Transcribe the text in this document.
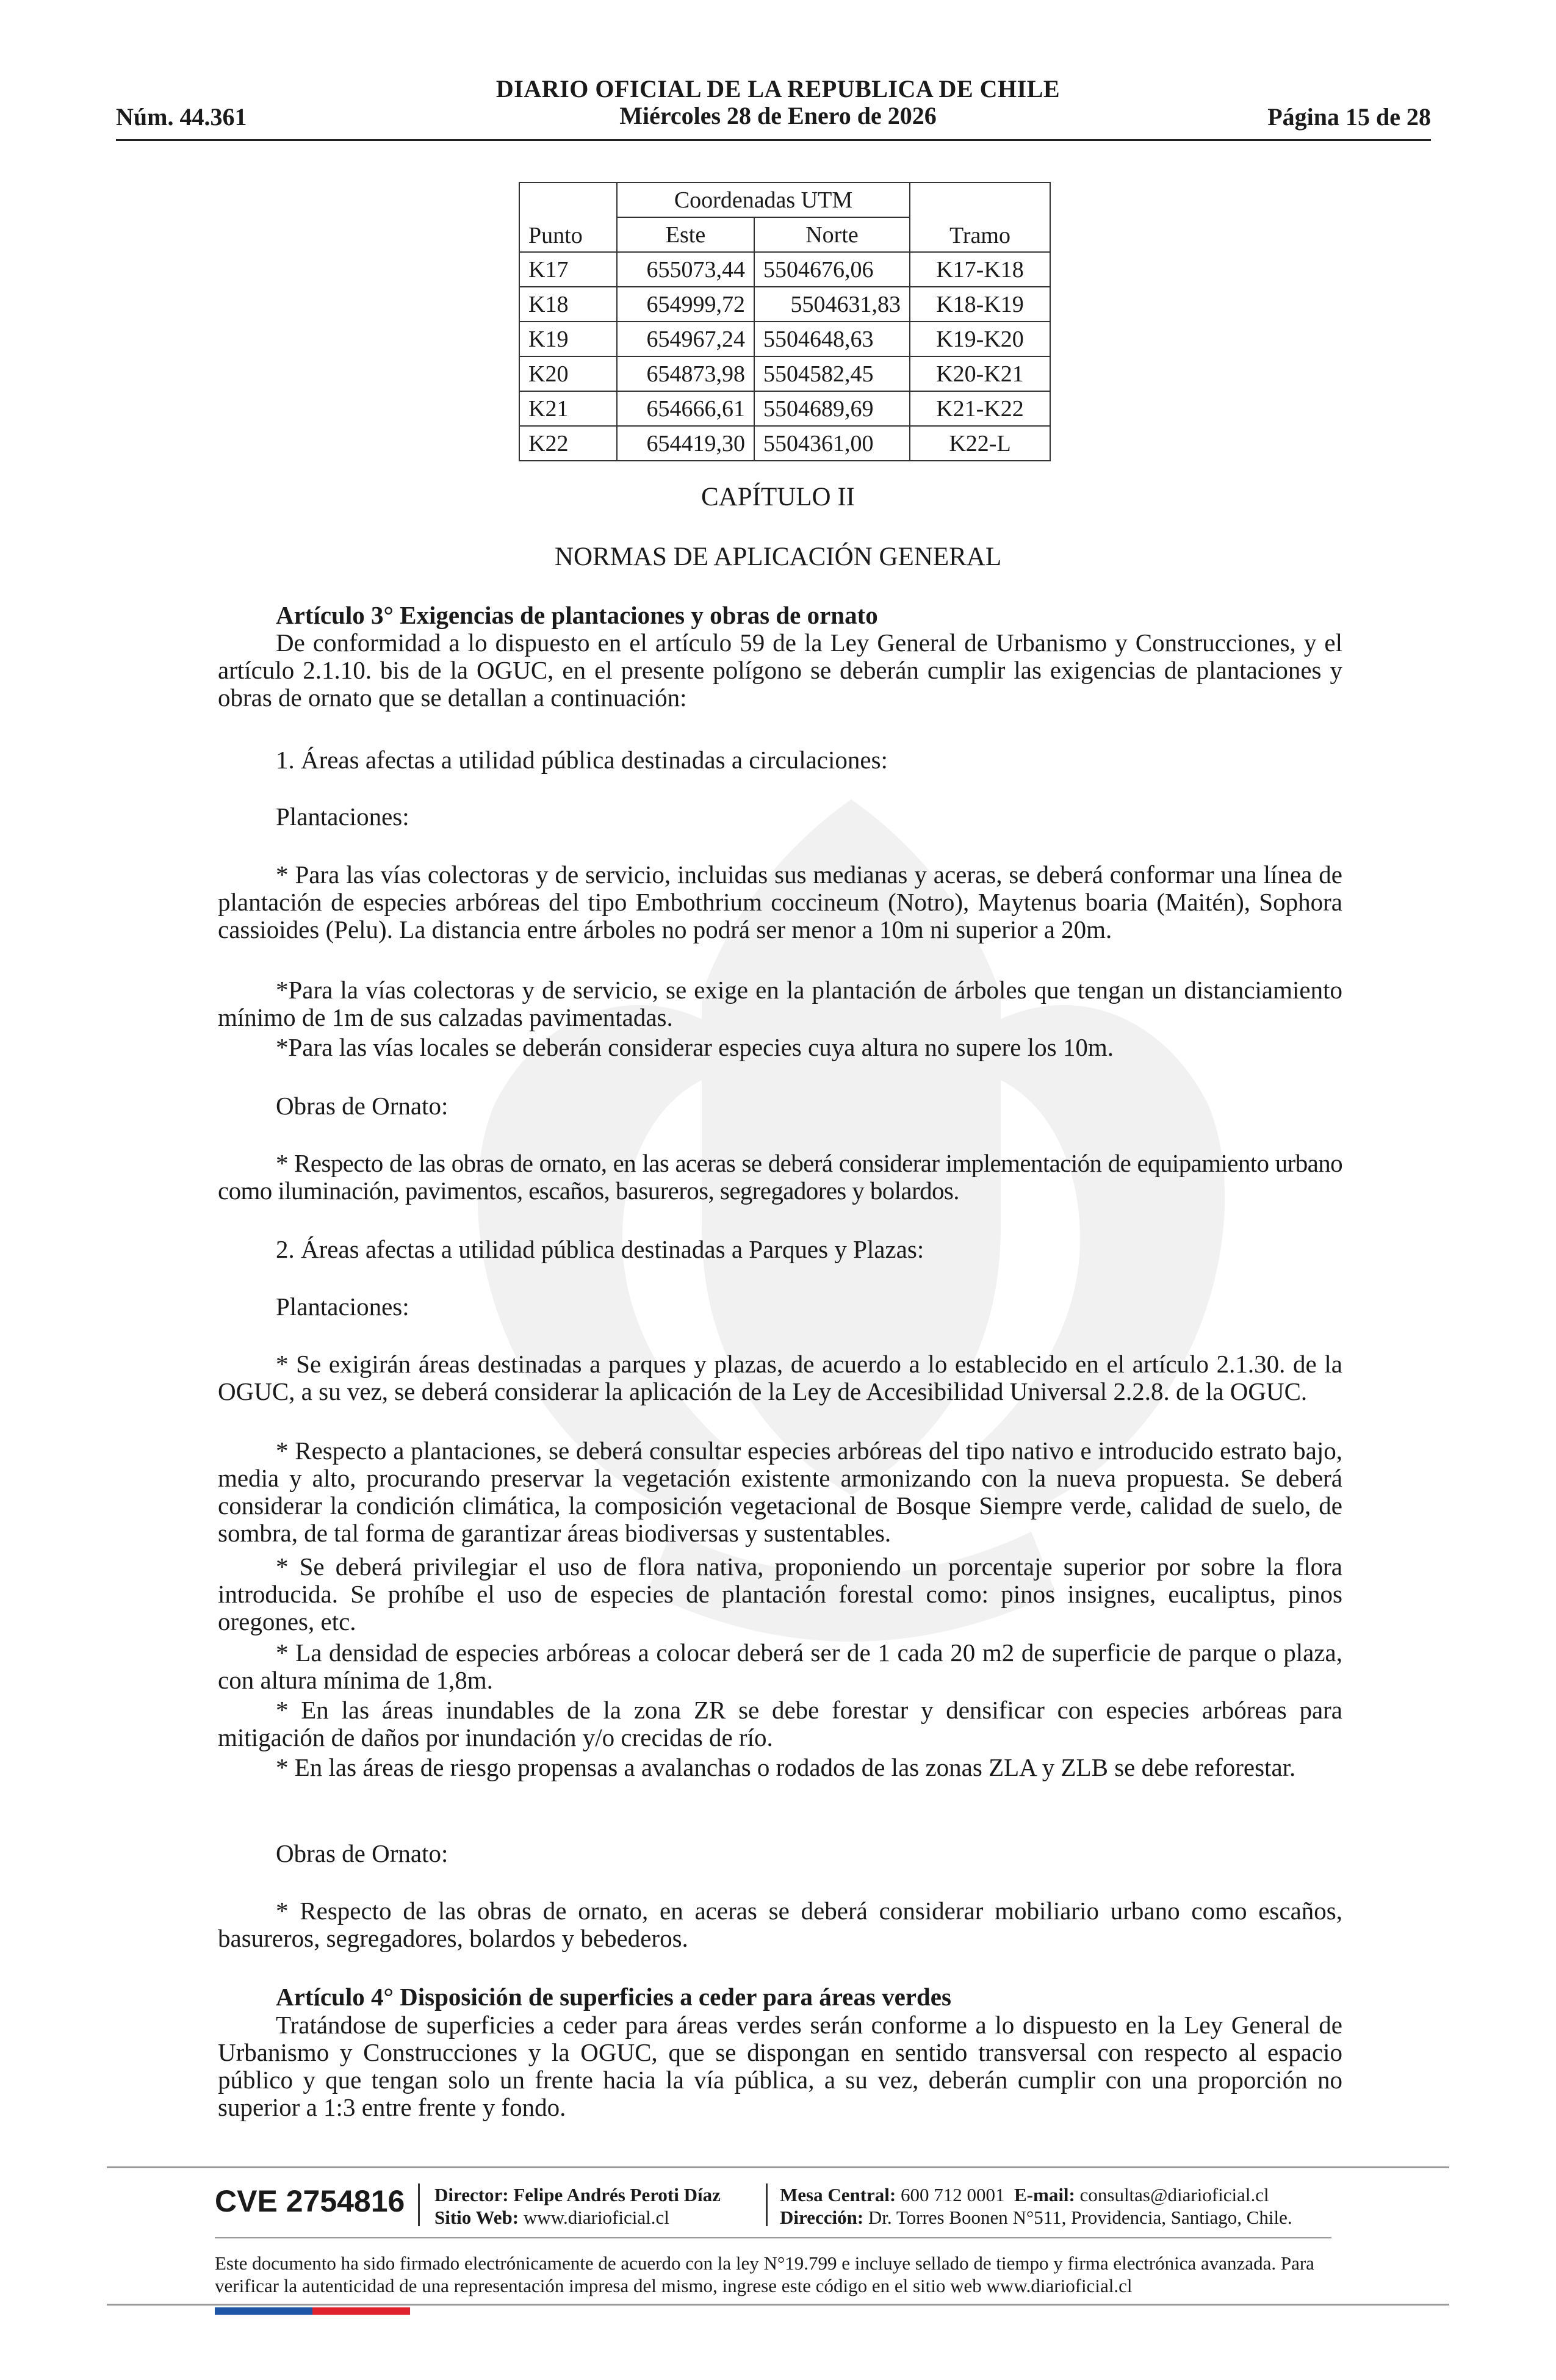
DIARIO OFICIAL DE LA REPUBLICA DE CHILE
Núm. 44.361	Miércoles 28 de Enero de 2026	Página 15 de 28
	Coordenadas UTM		
Punto	Este	Norte	Tramo
K17	655073,44	5504676,06	K17-K18
K18	654999,72	5504631,83	K18-K19
K19	654967,24	5504648,63	K19-K20
K20	654873,98	5504582,45	K20-K21
K21	654666,61	5504689,69	K21-K22
K22	654419,30	5504361,00	K22-L
CAPÍTULO II
NORMAS DE APLICACIÓN GENERAL
Artículo 3° Exigencias de plantaciones y obras de ornato
De conformidad a lo dispuesto en el artículo 59 de la Ley General de Urbanismo y Construcciones, y el artículo 2.1.10. bis de la OGUC, en el presente polígono se deberán cumplir las exigencias de plantaciones y obras de ornato que se detallan a continuación:
1. Áreas afectas a utilidad pública destinadas a circulaciones:
Plantaciones:
* Para las vías colectoras y de servicio, incluidas sus medianas y aceras, se deberá conformar una línea de plantación de especies arbóreas del tipo Embothrium coccineum (Notro), Maytenus boaria (Maitén), Sophora cassioides (Pelu). La distancia entre árboles no podrá ser menor a 10m ni superior a 20m.
*Para la vías colectoras y de servicio, se exige en la plantación de árboles que tengan un distanciamiento mínimo de 1m de sus calzadas pavimentadas.
*Para las vías locales se deberán considerar especies cuya altura no supere los 10m.
Obras de Ornato:
* Respecto de las obras de ornato, en las aceras se deberá considerar implementación de equipamiento urbano como iluminación, pavimentos, escaños, basureros, segregadores y bolardos.
2. Áreas afectas a utilidad pública destinadas a Parques y Plazas:
Plantaciones:
* Se exigirán áreas destinadas a parques y plazas, de acuerdo a lo establecido en el artículo 2.1.30. de la OGUC, a su vez, se deberá considerar la aplicación de la Ley de Accesibilidad Universal 2.2.8. de la OGUC.
* Respecto a plantaciones, se deberá consultar especies arbóreas del tipo nativo e introducido estrato bajo, media y alto, procurando preservar la vegetación existente armonizando con la nueva propuesta. Se deberá considerar la condición climática, la composición vegetacional de Bosque Siempre verde, calidad de suelo, de sombra, de tal forma de garantizar áreas biodiversas y sustentables.
* Se deberá privilegiar el uso de flora nativa, proponiendo un porcentaje superior por sobre la flora introducida. Se prohíbe el uso de especies de plantación forestal como: pinos insignes, eucaliptus, pinos oregones, etc.
* La densidad de especies arbóreas a colocar deberá ser de 1 cada 20 m2 de superficie de parque o plaza, con altura mínima de 1,8m.
* En las áreas inundables de la zona ZR se debe forestar y densificar con especies arbóreas para mitigación de daños por inundación y/o crecidas de río.
* En las áreas de riesgo propensas a avalanchas o rodados de las zonas ZLA y ZLB se debe reforestar.
Obras de Ornato:
* Respecto de las obras de ornato, en aceras se deberá considerar mobiliario urbano como escaños, basureros, segregadores, bolardos y bebederos.
Artículo 4° Disposición de superficies a ceder para áreas verdes
Tratándose de superficies a ceder para áreas verdes serán conforme a lo dispuesto en la Ley General de Urbanismo y Construcciones y la OGUC, que se dispongan en sentido transversal con respecto al espacio público y que tengan solo un frente hacia la vía pública, a su vez, deberán cumplir con una proporción no superior a 1:3 entre frente y fondo.
CVE 2754816 Director: Felipe Andrés Peroti Díaz
Sitio Web: www.diarioficial.cl
Mesa Central: 600 712 0001 E-mail: consultas@diarioficial.cl
Dirección: Dr. Torres Boonen N°511, Providencia, Santiago, Chile.
Este documento ha sido firmado electrónicamente de acuerdo con la ley N°19.799 e incluye sellado de tiempo y firma electrónica avanzada. Para verificar la autenticidad de una representación impresa del mismo, ingrese este código en el sitio web www.diarioficial.cl
